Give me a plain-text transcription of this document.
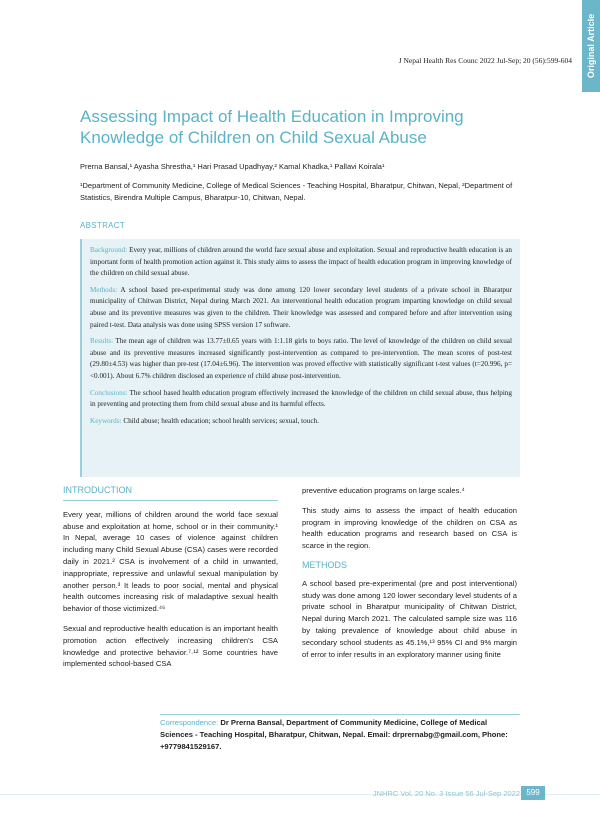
Original Article
J Nepal Health Res Counc 2022 Jul-Sep; 20 (56):599-604
Assessing Impact of Health Education in Improving Knowledge of Children on Child Sexual Abuse
Prerna Bansal,¹ Ayasha Shrestha,¹ Hari Prasad Upadhyay,² Kamal Khadka,¹ Pallavi Koirala¹
¹Department of Community Medicine, College of Medical Sciences - Teaching Hospital, Bharatpur, Chitwan, Nepal, ²Department of Statistics, Birendra Multiple Campus, Bharatpur-10, Chitwan, Nepal.
ABSTRACT

Background: Every year, millions of children around the world face sexual abuse and exploitation. Sexual and reproductive health education is an important form of health promotion action against it. This study aims to assess the impact of health education program in improving knowledge of the children on child sexual abuse.

Methods: A school based pre-experimental study was done among 120 lower secondary level students of a private school in Bharatpur municipality of Chitwan District, Nepal during March 2021. An interventional health education program imparting knowledge on child sexual abuse and its preventive measures was given to the children. Their knowledge was assessed and compared before and after intervention using paired t-test. Data analysis was done using SPSS version 17 software.

Results: The mean age of children was 13.77±0.65 years with 1:1.18 girls to boys ratio. The level of knowledge of the children on child sexual abuse and its preventive measures increased significantly post-intervention as compared to pre-intervention. The mean scores of post-test (29.80±4.53) was higher than pre-test (17.04±6.96). The intervention was proved effective with statistically significant t-test values (t=20.996, p=<0.001). About 6.7% children disclosed an experience of child abuse post-intervention.

Conclusions: The school based health education program effectively increased the knowledge of the children on child sexual abuse, thus helping in preventing and protecting them from child sexual abuse and its harmful effects.

Keywords: Child abuse; health education; school health services; sexual, touch.

INTRODUCTION

Every year, millions of children around the world face sexual abuse and exploitation at home, school or in their community.¹ In Nepal, average 10 cases of violence against children including many Child Sexual Abuse (CSA) cases were recorded daily in 2021.² CSA is involvement of a child in unwanted, inappropriate, repressive and unlawful sexual manipulation by another person.³ It leads to poor social, mental and physical health outcomes increasing risk of maladaptive sexual health behavior of those victimized.⁴⁶

Sexual and reproductive health education is an important health promotion action effectively increasing children's CSA knowledge and protective behavior.⁷·¹² Some countries have implemented school-based CSA

preventive education programs on large scales.⁴

This study aims to assess the impact of health education program in improving knowledge of the children on CSA as health education programs and research based on CSA is scarce in the region.

METHODS

A school based pre-experimental (pre and post interventional) study was done among 120 lower secondary level students of a private school in Bharatpur municipality of Chitwan District, Nepal during March 2021. The calculated sample size was 116 by taking prevalence of knowledge about child abuse in secondary school students as 45.1%,¹³ 95% CI and 9% margin of error to infer results in an exploratory manner using finite

Correspondence: Dr Prerna Bansal, Department of Community Medicine, College of Medical Sciences - Teaching Hospital, Bharatpur, Chitwan, Nepal. Email: drprernabg@gmail.com, Phone: +9779841529167.
JNHRC Vol. 20 No. 3 Issue 56 Jul-Sep 2022 599
